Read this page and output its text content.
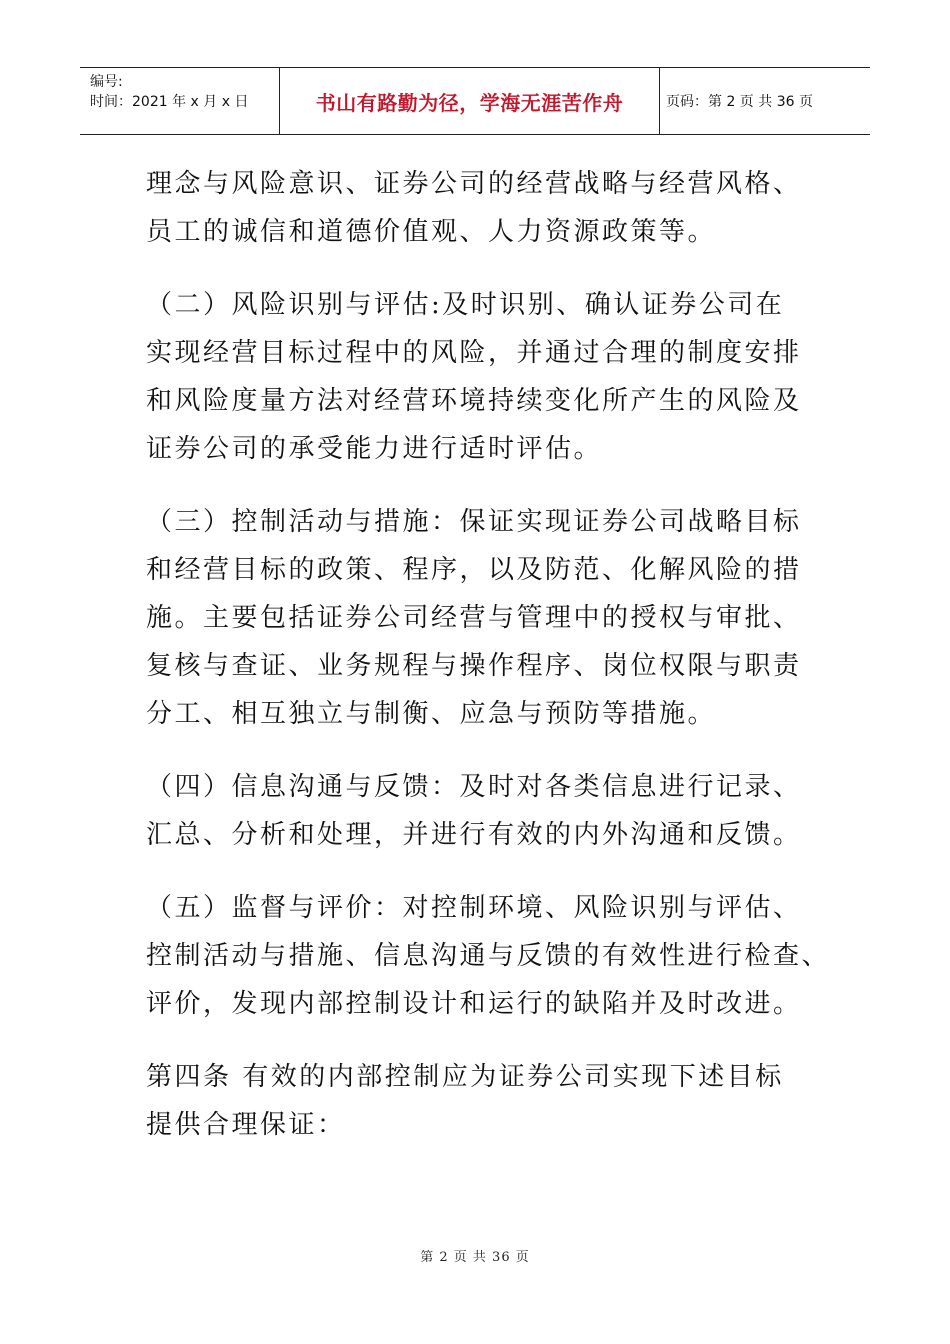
编号:
时间：2021 年 x 月 x 日	书山有路勤为径，学海无涯苦作舟	页码：第 2 页 共 36 页
理念与风险意识、证券公司的经营战略与经营风格、
员工的诚信和道德价值观、人力资源政策等。
（二）风险识别与评估:及时识别、确认证券公司在
实现经营目标过程中的风险，并通过合理的制度安排
和风险度量方法对经营环境持续变化所产生的风险及
证券公司的承受能力进行适时评估。
（三）控制活动与措施：保证实现证券公司战略目标
和经营目标的政策、程序，以及防范、化解风险的措
施。主要包括证券公司经营与管理中的授权与审批、
复核与查证、业务规程与操作程序、岗位权限与职责
分工、相互独立与制衡、应急与预防等措施。
（四）信息沟通与反馈：及时对各类信息进行记录、
汇总、分析和处理，并进行有效的内外沟通和反馈。
（五）监督与评价：对控制环境、风险识别与评估、
控制活动与措施、信息沟通与反馈的有效性进行检查、
评价，发现内部控制设计和运行的缺陷并及时改进。
第四条 有效的内部控制应为证券公司实现下述目标
提供合理保证：
第 2 页 共 36 页
